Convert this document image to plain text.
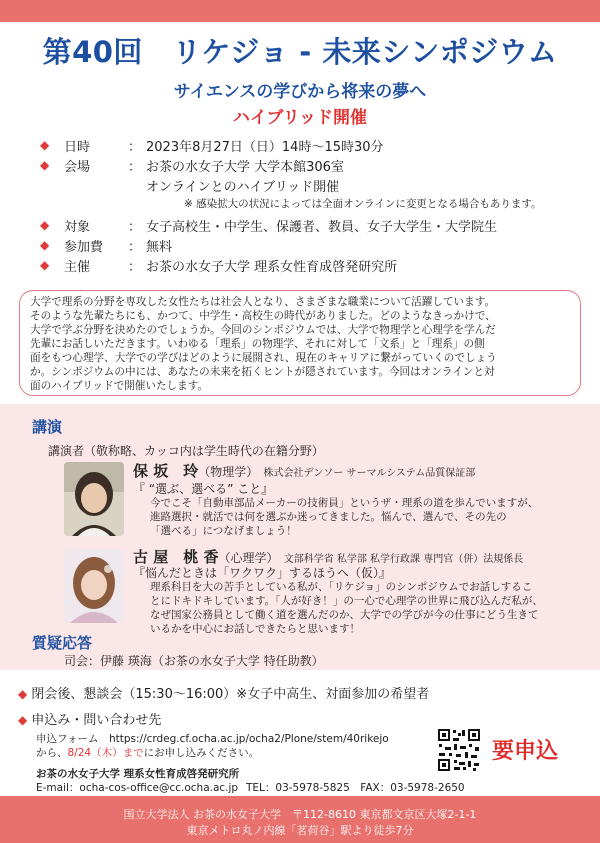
第40回　リケジョ - 未来シンポジウム
サイエンスの学びから将来の夢へ
ハイブリッド開催
◆ 日時	： 2023年8月27日（日）14時～15時30分
◆ 会場	： お茶の水女子大学 大学本館306室
オンラインとのハイブリッド開催
※ 感染拡大の状況によっては全面オンラインに変更となる場合もあります。
◆ 対象	： 女子高校生・中学生、保護者、教員、女子大学生・大学院生
◆ 参加費 ： 無料
◆ 主催	： お茶の水女子大学 理系女性育成啓発研究所

大学で理系の分野を専攻した女性たちは社会人となり、さまざまな職業について活躍しています。

そのような先輩たちにも、かつて、中学生・高校生の時代がありました。どのようなきっかけで、

大学で学ぶ分野を決めたのでしょうか。今回のシンポジウムでは、大学で物理学と心理学を学んだ

先輩にお話しいただきます。いわゆる「理系」の物理学、それに対して「文系」と「理系」の側

面をもつ心理学、大学での学びはどのように展開され、現在のキャリアに繋がっていくのでしょう

か。シンポジウムの中には、あなたの未来を拓くヒントが隠されています。今回はオンラインと対

面のハイブリッドで開催いたします。

講演
講演者（敬称略、カッコ内は学生時代の在籍分野）
保 坂　玲（物理学） 株式会社デンソー サーマルシステム品質保証部
『 “選ぶ、選べる” こと』

今でこそ「自動車部品メーカーの技術員」というザ・理系の道を歩んでいますが、

進路選択・就活では何を選ぶか迷ってきました。悩んで、選んで、その先の

「選べる」につなげましょう！

古 屋　桃 香（心理学） 文部科学省 私学部 私学行政課 専門官（併）法規係長
『悩んだときは「ワクワク」するほうへ（仮）』

理系科目を大の苦手としている私が、「リケジョ」のシンポジウムでお話しするこ

とにドキドキしています。「人が好き！」の一心で心理学の世界に飛び込んだ私が、

なぜ国家公務員として働く道を選んだのか、大学での学びが今の仕事にどう生きて

いるかを中心にお話しできたらと思います！

質疑応答
司会：伊藤 瑛海（お茶の水女子大学 特任助教）
◆ 閉会後、懇談会（15:30～16:00）※女子中高生、対面参加の希望者
◆ 申込み・問い合わせ先
申込フォーム　https://crdeg.cf.ocha.ac.jp/ocha2/Plone/stem/40rikejo
から、8/24（木）までにお申し込みください。	要申込
お茶の水女子大学 理系女性育成啓発研究所
E-mail：ocha-cos-office@cc.ocha.ac.jp TEL：03-5978-5825　FAX：03-5978-2650
国立大学法人 お茶の水女子大学　〒112-8610 東京都文京区大塚2-1-1
東京メトロ丸ノ内線「茗荷谷」駅より徒歩7分
